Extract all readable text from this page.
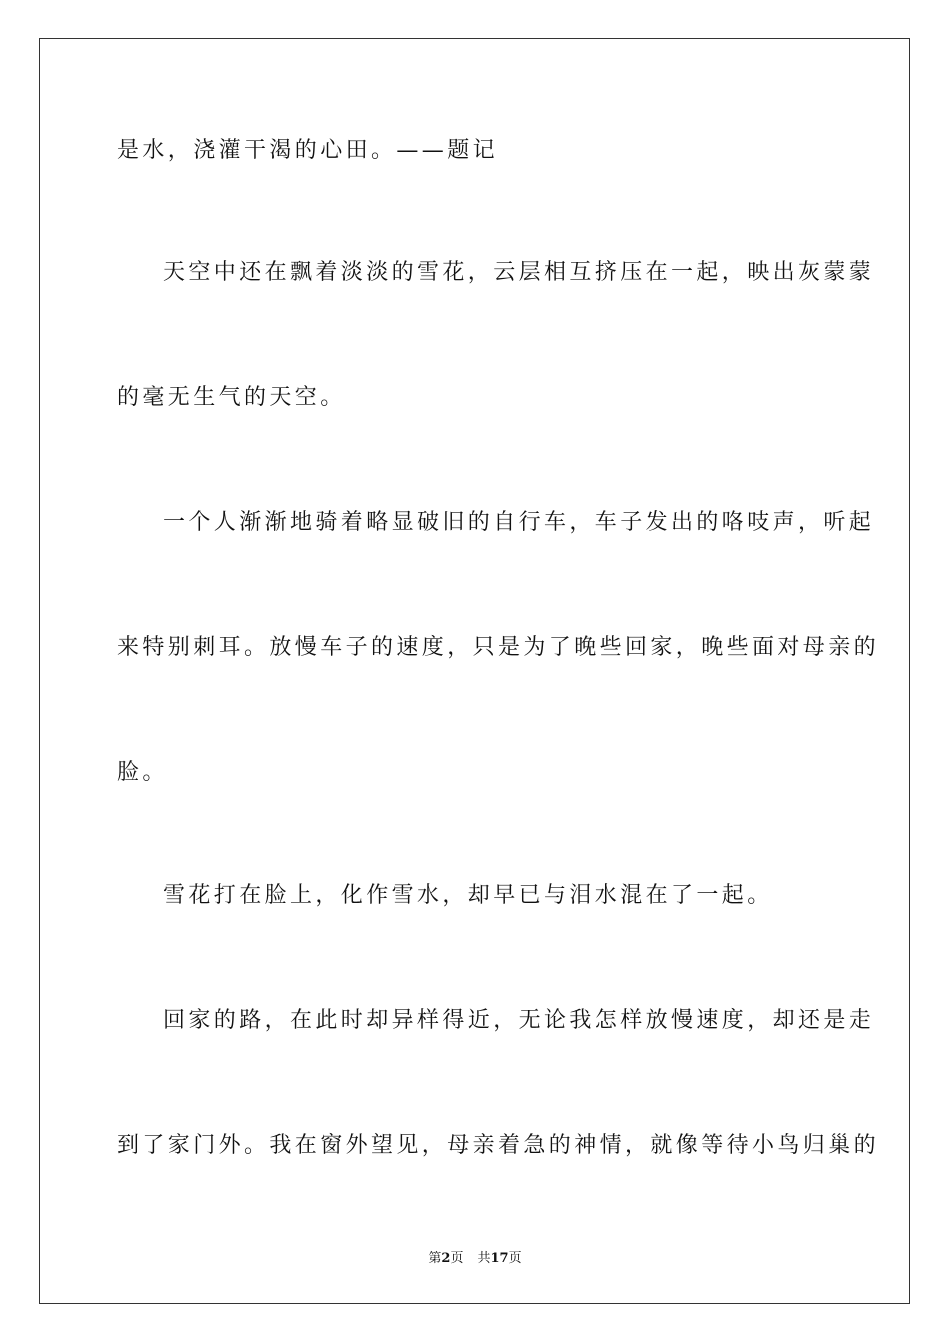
是水，浇灌干渴的心田。——题记

天空中还在飘着淡淡的雪花，云层相互挤压在一起，映出灰蒙蒙

的毫无生气的天空。

一个人渐渐地骑着略显破旧的自行车，车子发出的咯吱声，听起

来特别刺耳。放慢车子的速度，只是为了晚些回家，晚些面对母亲的

脸。

雪花打在脸上，化作雪水，却早已与泪水混在了一起。

回家的路，在此时却异样得近，无论我怎样放慢速度，却还是走

到了家门外。我在窗外望见，母亲着急的神情，就像等待小鸟归巢的

第2页 共17页
